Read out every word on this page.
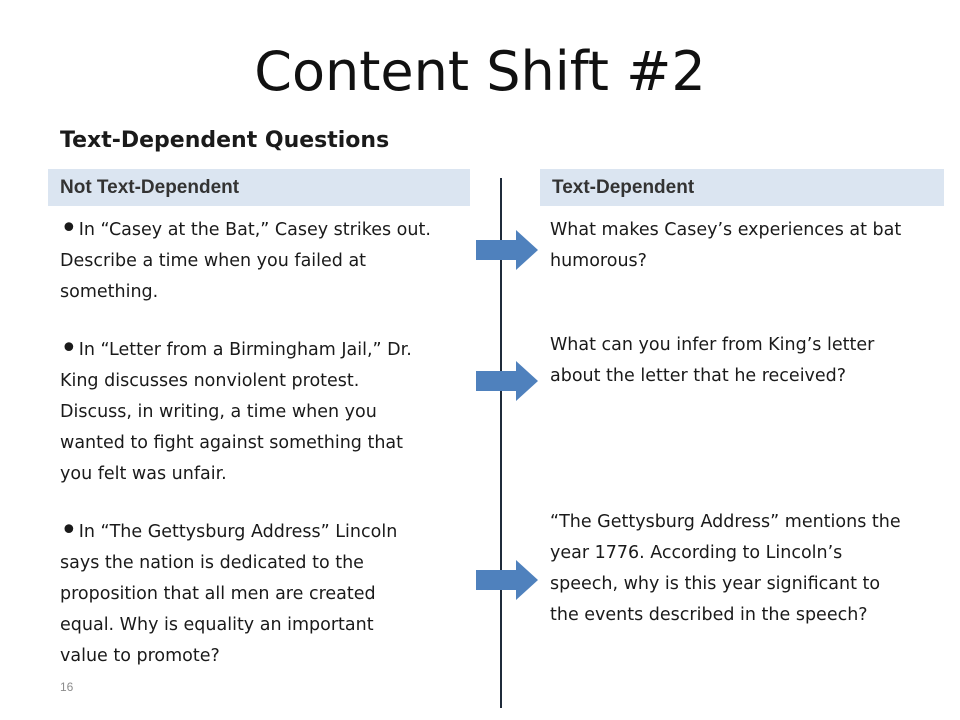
Content Shift #2
Text-Dependent Questions
Not Text-Dependent	Text-Dependent
•In “Casey at the Bat,” Casey strikes out.
Describe a time when you failed at
something.
•In “Letter from a Birmingham Jail,” Dr.
King discusses nonviolent protest.
Discuss, in writing, a time when you
wanted to fight against something that
you felt was unfair.
•In “The Gettysburg Address” Lincoln
says the nation is dedicated to the
proposition that all men are created
equal. Why is equality an important
value to promote?
What makes Casey’s experiences at bat
humorous?
What can you infer from King’s letter
about the letter that he received?
“The Gettysburg Address” mentions the
year 1776. According to Lincoln’s
speech, why is this year significant to
the events described in the speech?
16
